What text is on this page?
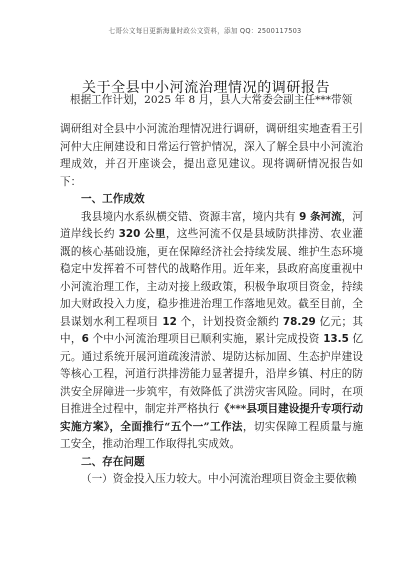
七哥公文每日更新海量时政公文资料，添加 QQ：2500117503
关于全县中小河流治理情况的调研报告
根据工作计划，2025 年 8 月，县人大常委会副主任***带领

调研组对全县中小河流治理情况进行调研，调研组实地查看王引河仲大庄闸建设和日常运行管护情况，深入了解全县中小河流治理成效，并召开座谈会，提出意见建议。现将调研情况报告如下：

一、工作成效

我县境内水系纵横交错、资源丰富，境内共有 9 条河流，河道岸线长约 320 公里，这些河流不仅是县域防洪排涝、农业灌溉的核心基础设施，更在保障经济社会持续发展、维护生态环境稳定中发挥着不可替代的战略作用。近年来，县政府高度重视中小河流治理工作，主动对接上级政策，积极争取项目资金，持续加大财政投入力度，稳步推进治理工作落地见效。截至目前，全县谋划水利工程项目 12 个，计划投资金额约 78.29 亿元；其中，6 个中小河流治理项目已顺利实施，累计完成投资 13.5 亿元。通过系统开展河道疏浚清淤、堤防达标加固、生态护岸建设等核心工程，河道行洪排涝能力显著提升，沿岸乡镇、村庄的防洪安全屏障进一步筑牢，有效降低了洪涝灾害风险。同时，在项目推进全过程中，制定并严格执行《***县项目建设提升专项行动实施方案》，全面推行“五个一”工作法，切实保障工程质量与施工安全，推动治理工作取得扎实成效。

二、存在问题

（一）资金投入压力较大。中小河流治理项目资金主要依赖
